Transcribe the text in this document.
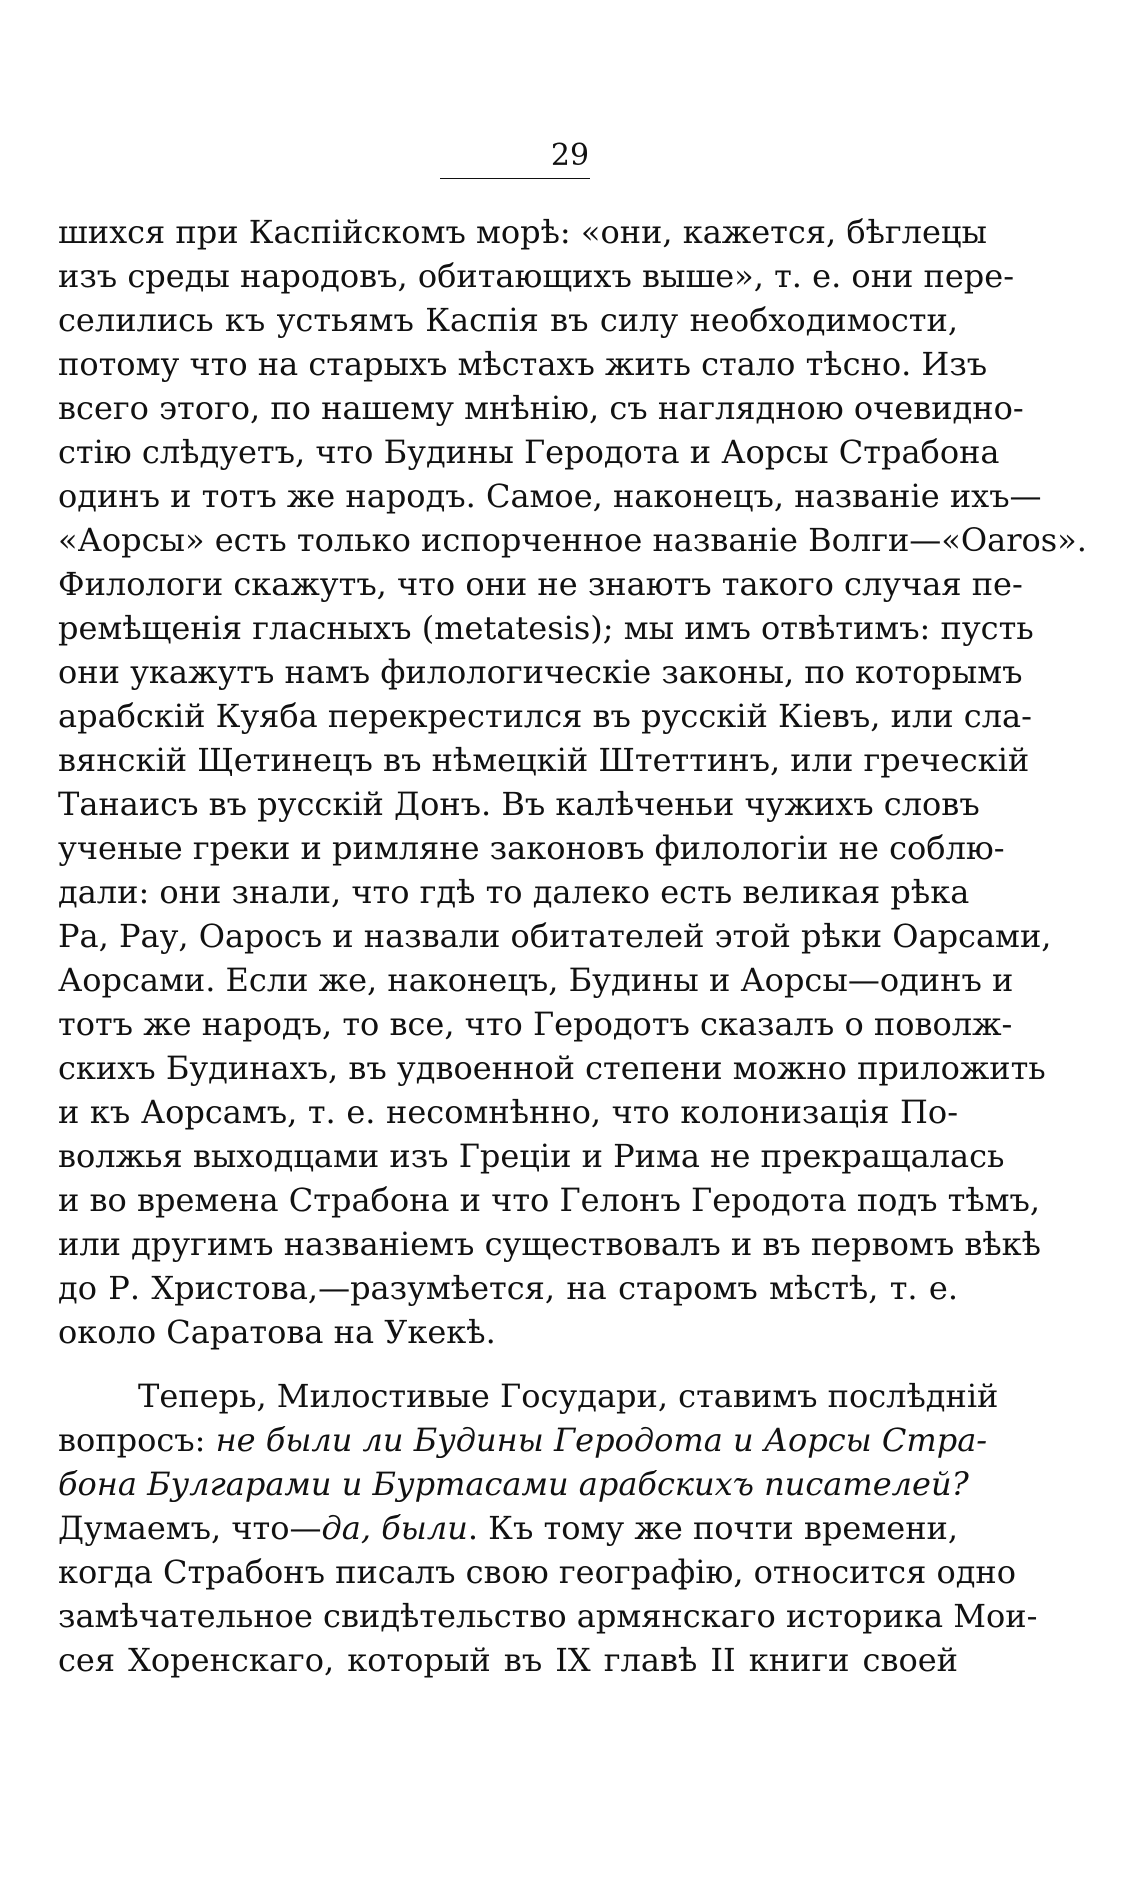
29
шихся при Каспійскомъ морѣ: «они, кажется, бѣглецы
изъ среды народовъ, обитающихъ выше», т. е. они пере-
селились къ устьямъ Каспія въ силу необходимости,
потому что на старыхъ мѣстахъ жить стало тѣсно. Изъ
всего этого, по нашему мнѣнію, съ наглядною очевидно-
стію слѣдуетъ, что Будины Геродота и Аорсы Страбона
одинъ и тотъ же народъ. Самое, наконецъ, названіе ихъ—
«Аорсы» есть только испорченное названіе Волги—«Oaros».
Филологи скажутъ, что они не знаютъ такого случая пе-
ремѣщенія гласныхъ (metatesis); мы имъ отвѣтимъ: пусть
они укажутъ намъ филологическіе законы, по которымъ
арабскій Куяба перекрестился въ русскій Кіевъ, или сла-
вянскій Щетинецъ въ нѣмецкій Штеттинъ, или греческій
Танаисъ въ русскій Донъ. Въ калѣченьи чужихъ словъ
ученые греки и римляне законовъ филологіи не соблю-
дали: они знали, что гдѣ то далеко есть великая рѣка
Ра, Рау, Оаросъ и назвали обитателей этой рѣки Оарсами,
Аорсами. Если же, наконецъ, Будины и Аорсы—одинъ и
тотъ же народъ, то все, что Геродотъ сказалъ о поволж-
скихъ Будинахъ, въ удвоенной степени можно приложить
и къ Аорсамъ, т. е. несомнѣнно, что колонизація По-
волжья выходцами изъ Греціи и Рима не прекращалась
и во времена Страбона и что Гелонъ Геродота подъ тѣмъ,
или другимъ названіемъ существовалъ и въ первомъ вѣкѣ
до Р. Христова,—разумѣется, на старомъ мѣстѣ, т. е.
около Саратова на Укекѣ.
Теперь, Милостивые Государи, ставимъ послѣдній
вопросъ: не были ли Будины Геродота и Аорсы Стра-
бона Булгарами и Буртасами арабскихъ писателей?
Думаемъ, что—да, были. Къ тому же почти времени,
когда Страбонъ писалъ свою географію, относится одно
замѣчательное свидѣтельство армянскаго историка Мои-
сея Хоренскаго, который въ IX главѣ II книги своей
